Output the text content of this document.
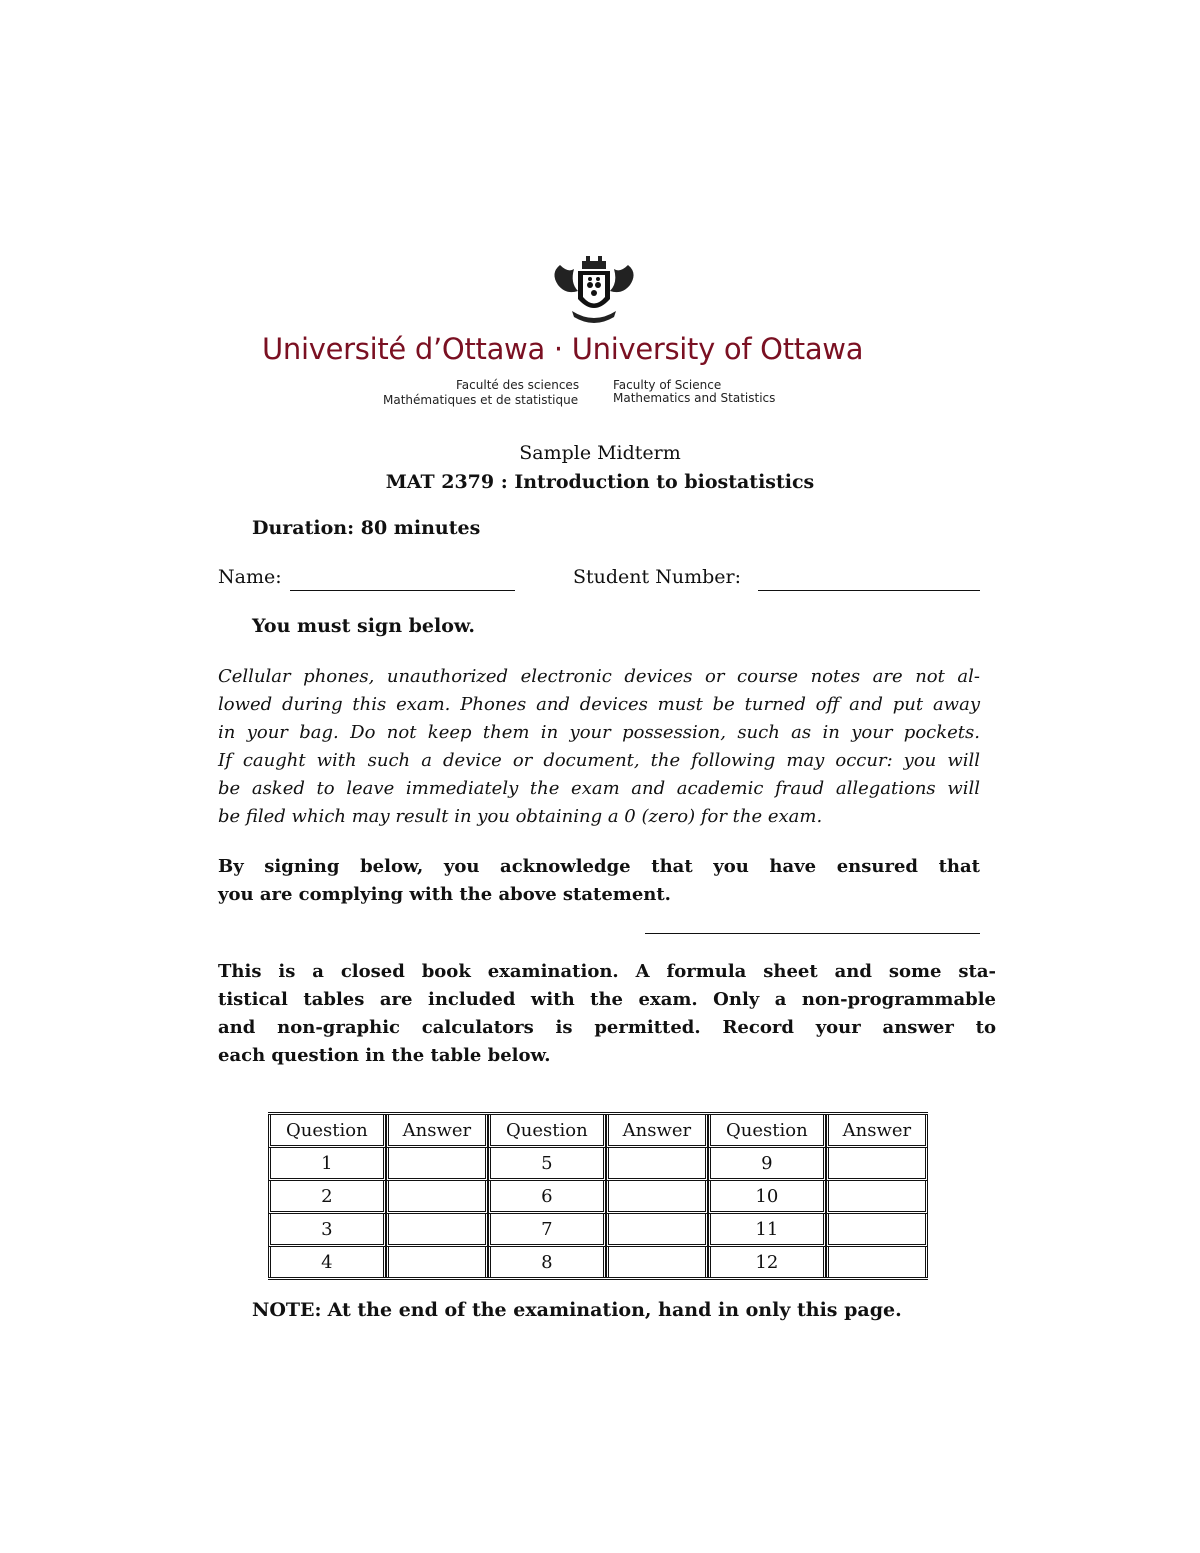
Université d’Ottawa · University of Ottawa
Faculté des sciences
Mathématiques et de statistique
Faculty of Science
Mathematics and Statistics
Sample Midterm
MAT 2379 : Introduction to biostatistics
Duration: 80 minutes
Name:	Student Number:
You must sign below.
Cellular phones, unauthorized electronic devices or course notes are not al-
lowed during this exam. Phones and devices must be turned off and put away
in your bag. Do not keep them in your possession, such as in your pockets.
If caught with such a device or document, the following may occur: you will
be asked to leave immediately the exam and academic fraud allegations will
be filed which may result in you obtaining a 0 (zero) for the exam.
By signing below, you acknowledge that you have ensured that
you are complying with the above statement.
This is a closed book examination. A formula sheet and some sta-
tistical tables are included with the exam. Only a non-programmable
and non-graphic calculators is permitted. Record your answer to
each question in the table below.
Question	Answer	Question	Answer	Question	Answer
1		5		9	
2		6		10	
3		7		11	
4		8		12	
NOTE: At the end of the examination, hand in only this page.
